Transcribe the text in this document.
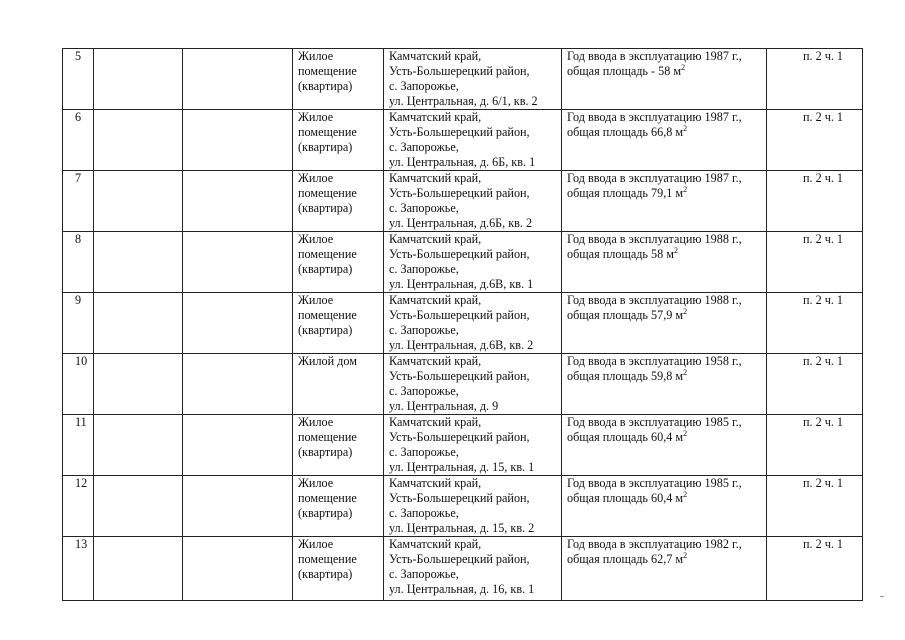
5			Жилое помещение (квартира)	Камчатский край,
Усть-Большерецкий район,
с. Запорожье,
ул. Центральная, д. 6/1, кв. 2	Год ввода в эксплуатацию 1987 г.,
общая площадь - 58 $м^2$	п. 2 ч. 1
6			Жилое помещение (квартира)	Камчатский край,
Усть-Большерецкий район,
с. Запорожье,
ул. Центральная, д. 6Б, кв. 1	Год ввода в эксплуатацию 1987 г.,
общая площадь 66,8 $м^2$	п. 2 ч. 1
7			Жилое помещение (квартира)	Камчатский край,
Усть-Большерецкий район,
с. Запорожье,
ул. Центральная, д.6Б, кв. 2	Год ввода в эксплуатацию 1987 г.,
общая площадь 79,1 $м^2$	п. 2 ч. 1
8			Жилое помещение (квартира)	Камчатский край,
Усть-Большерецкий район,
с. Запорожье,
ул. Центральная, д.6В, кв. 1	Год ввода в эксплуатацию 1988 г.,
общая площадь 58 $м^2$	п. 2 ч. 1
9			Жилое помещение (квартира)	Камчатский край,
Усть-Большерецкий район,
с. Запорожье,
ул. Центральная, д.6В, кв. 2	Год ввода в эксплуатацию 1988 г.,
общая площадь 57,9 $м^2$	п. 2 ч. 1
10			Жилой дом	Камчатский край,
Усть-Большерецкий район,
с. Запорожье,
ул. Центральная, д. 9	Год ввода в эксплуатацию 1958 г.,
общая площадь 59,8 $м^2$	п. 2 ч. 1
11			Жилое помещение (квартира)	Камчатский край,
Усть-Большерецкий район,
с. Запорожье,
ул. Центральная, д. 15, кв. 1	Год ввода в эксплуатацию 1985 г.,
общая площадь 60,4 $м^2$	п. 2 ч. 1
12			Жилое помещение (квартира)	Камчатский край,
Усть-Большерецкий район,
с. Запорожье,
ул. Центральная, д. 15, кв. 2	Год ввода в эксплуатацию 1985 г.,
общая площадь 60,4 $м^2$	п. 2 ч. 1
13			Жилое помещение (квартира)	Камчатский край,
Усть-Большерецкий район,
с. Запорожье,
ул. Центральная, д. 16, кв. 1	Год ввода в эксплуатацию 1982 г.,
общая площадь 62,7 $м^2$	п. 2 ч. 1
